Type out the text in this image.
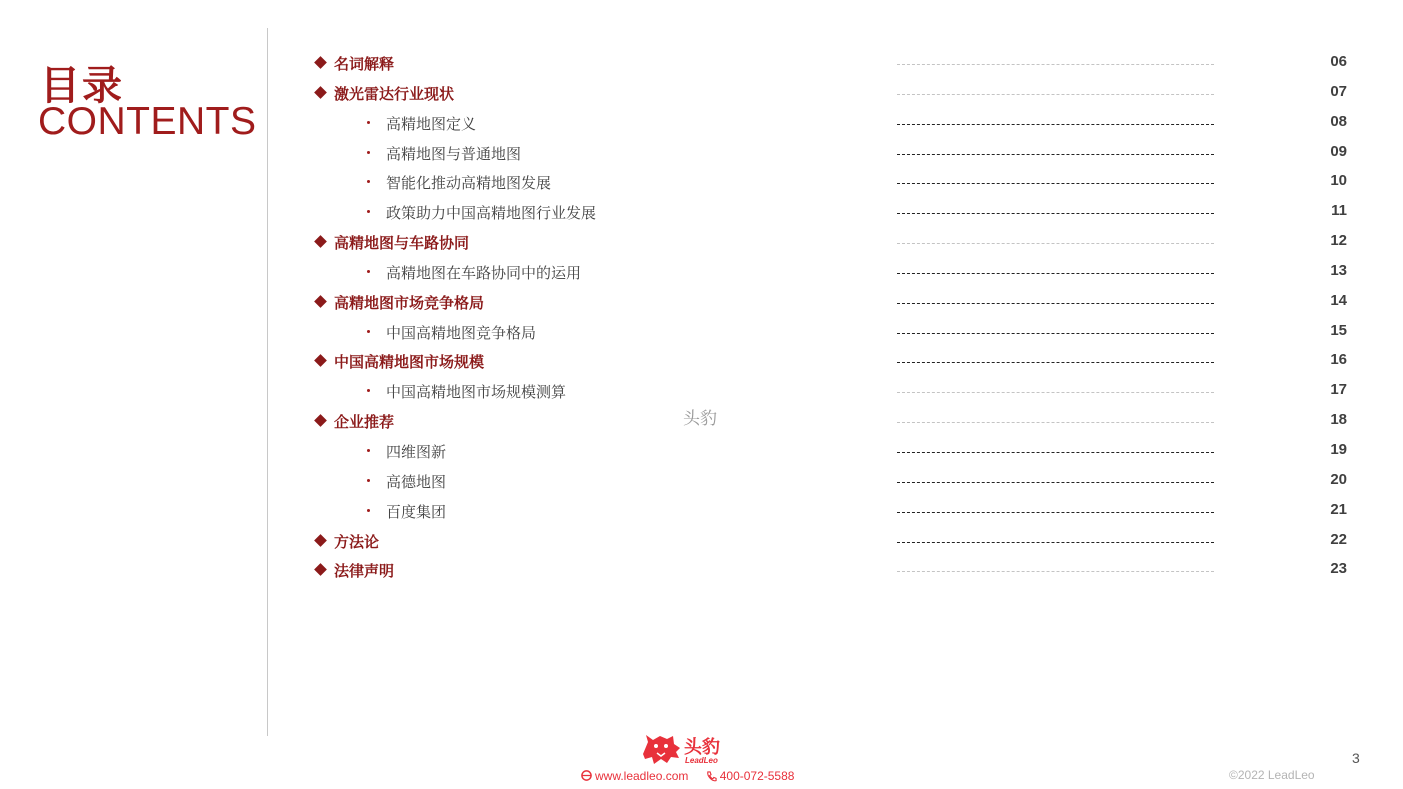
目录
CONTENTS
名词解释	06
激光雷达行业现状	07
高精地图定义	08
高精地图与普通地图	09
智能化推动高精地图发展	10
政策助力中国高精地图行业发展	11
高精地图与车路协同	12
高精地图在车路协同中的运用	13
高精地图市场竞争格局	14
中国高精地图竞争格局	15
中国高精地图市场规模	16
中国高精地图市场规模测算	17
企业推荐	18
四维图新	19
高德地图	20
百度集团	21
方法论	22
法律声明	23
头豹
头豹
LeadLeo
www.leadleo.com	400-072-5588
3
©2022 LeadLeo
